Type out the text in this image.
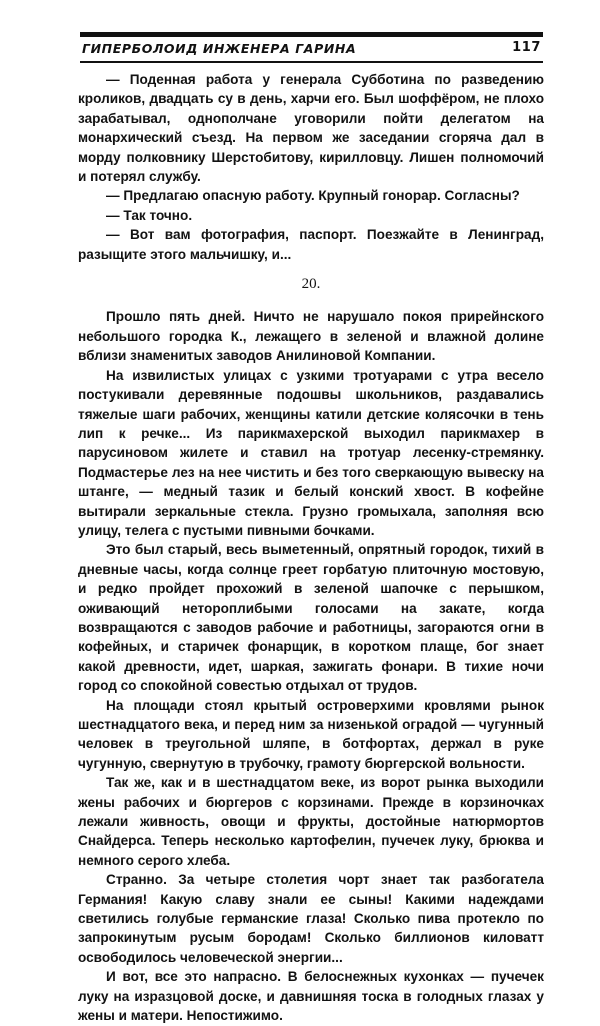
ГИПЕРБОЛОИД ИНЖЕНЕРА ГАРИНА	117

— Поденная работа у генерала Субботина по разведению кроликов, двадцать су в день, харчи его. Был шоффёром, не плохо зарабатывал, однополчане уговорили пойти делегатом на монархический съезд. На первом же заседании сгоряча дал в морду полковнику Шерстобитову, кирилловцу. Лишен полномочий и потерял службу.

— Предлагаю опасную работу. Крупный гонорар. Согласны?

— Так точно.

— Вот вам фотография, паспорт. Поезжайте в Ленинград, разыщите этого мальчишку, и...

20.

Прошло пять дней. Ничто не нарушало покоя прирейнского небольшого городка К., лежащего в зеленой и влажной долине вблизи знаменитых заводов Анилиновой Компании.

На извилистых улицах с узкими тротуарами с утра весело постукивали деревянные подошвы школьников, раздавались тяжелые шаги рабочих, женщины катили детские колясочки в тень лип к речке... Из парикмахерской выходил парикмахер в парусиновом жилете и ставил на тротуар лесенку-стремянку. Подмастерье лез на нее чистить и без того сверкающую вывеску на штанге, — медный тазик и белый конский хвост. В кофейне вытирали зеркальные стекла. Грузно громыхала, заполняя всю улицу, телега с пустыми пивными бочками.

Это был старый, весь выметенный, опрятный городок, тихий в дневные часы, когда солнце греет горбатую плиточную мостовую, и редко пройдет прохожий в зеленой шапочке с перышком, оживающий нетороплибыми голосами на закате, когда возвращаются с заводов рабочие и работницы, загораются огни в кофейных, и старичек фонарщик, в коротком плаще, бог знает какой древности, идет, шаркая, зажигать фонари. В тихие ночи город со спокойной совестью отдыхал от трудов.

На площади стоял крытый островерхими кровлями рынок шестнадцатого века, и перед ним за низенькой оградой — чугунный человек в треугольной шляпе, в ботфортах, держал в руке чугунную, свернутую в трубочку, грамоту бюргерской вольности.

Так же, как и в шестнадцатом веке, из ворот рынка выходили жены рабочих и бюргеров с корзинами. Прежде в корзиночках лежали живность, овощи и фрукты, достойные натюрмортов Снайдерса. Теперь несколько картофелин, пучечек луку, брюква и немного серого хлеба.

Странно. За четыре столетия чорт знает так разбогатела Германия! Какую славу знали ее сыны! Какими надеждами светились голубые германские глаза! Сколько пива протекло по запрокинутым русым бородам! Сколько биллионов киловатт освободилось человеческой энергии...

И вот, все это напрасно. В белоснежных кухонках — пучечек луку на изразцовой доске, и давнишняя тоска в голодных глазах у жены и матери. Непостижимо.
